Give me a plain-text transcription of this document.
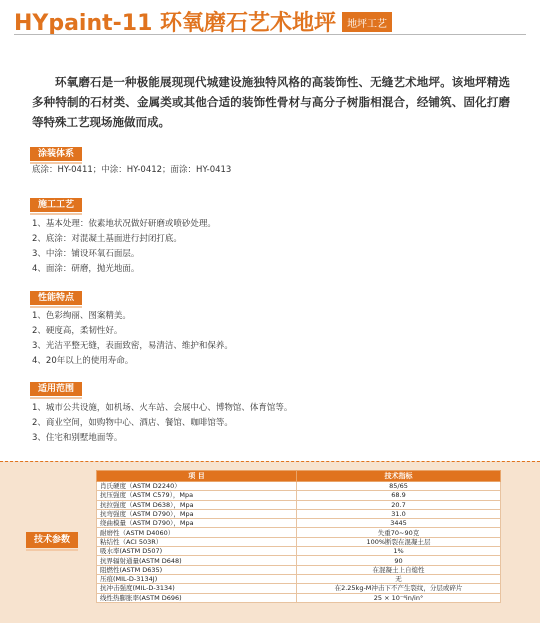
HYpaint-11 环氧磨石艺术地坪	地坪工艺
环氧磨石是一种极能展现现代城建设施独特风格的高装饰性、无缝艺术地坪。该地坪精选多种特制的石材类、金属类或其他合适的装饰性骨材与高分子树脂相混合，经铺筑、固化打磨等特殊工艺现场施做而成。
涂装体系
底涂：HY-0411；中涂：HY-0412；面涂：HY-0413
施工工艺
1、基本处理：依素地状况做好研磨或喷砂处理。
2、底涂：对混凝土基面进行封闭打底。
3、中涂：铺设环氧石面层。
4、面涂：研磨，抛光地面。
性能特点
1、色彩绚丽、图案精美。
2、硬度高，柔韧性好。
3、光洁平整无缝，表面致密，易清洁、维护和保养。
4、20年以上的使用寿命。
适用范围
1、城市公共设施，如机场、火车站、会展中心、博物馆、体育馆等。
2、商业空间，如购物中心、酒店、餐馆、咖啡馆等。
3、住宅和别墅地面等。
技术参数
项 目	技术指标
肖氏硬度（ASTM D2240）	85/65
抗压强度（ASTM C579），Mpa	68.9
抗拉强度（ASTM D638），Mpa	20.7
抗弯强度（ASTM D790），Mpa	31.0
绕曲模量（ASTM D790），Mpa	3445
耐磨性（ASTM D4060）	失重70~90克
粘结性（ACI 503R）	100%断裂在混凝土层
吸水率(ASTM D507)	1%
抗界辐射通量(ASTM D648)	90
阻燃性(ASTM D635)	在混凝土上自熄性
压痕(MIL-D-3134J)	无
抗冲击强度(MIL-D-3134)	在2.25kg-M冲击下不产生裂纹，分层或碎片
线性热膨胀率(ASTM D696)	25 × 10⁻⁶in/in°
